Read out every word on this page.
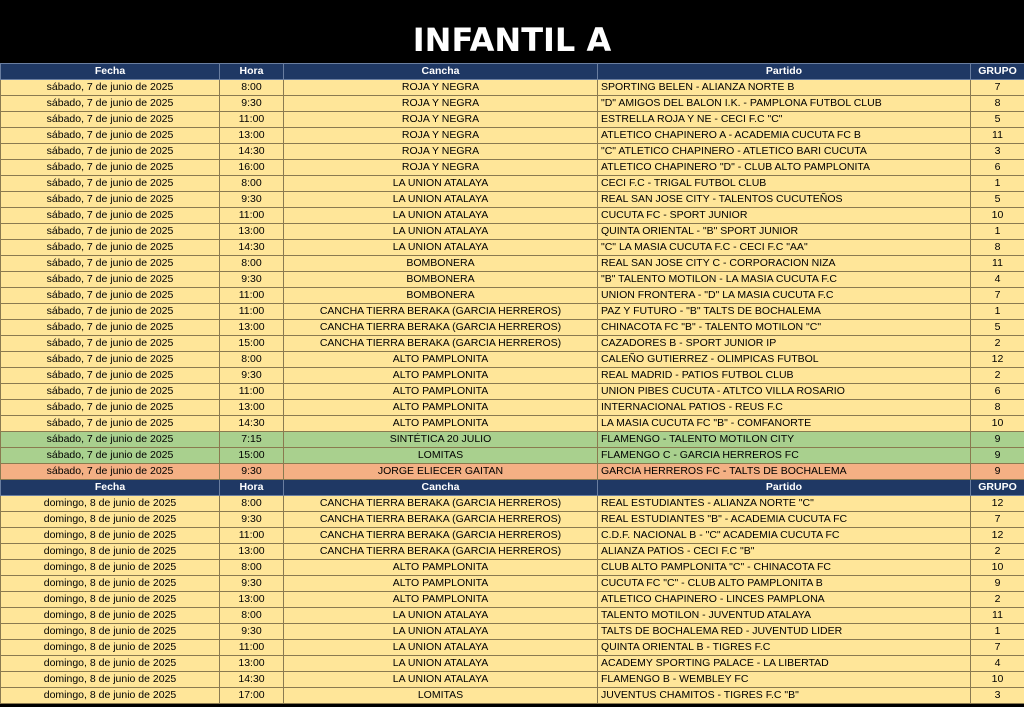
INFANTIL A
Fecha	Hora	Cancha	Partido	GRUPO
sábado, 7 de junio de 2025	8:00	ROJA Y NEGRA	SPORTING BELEN - ALIANZA NORTE B	7
sábado, 7 de junio de 2025	9:30	ROJA Y NEGRA	"D" AMIGOS DEL BALON I.K. - PAMPLONA FUTBOL CLUB	8
sábado, 7 de junio de 2025	11:00	ROJA Y NEGRA	ESTRELLA ROJA Y NE - CECI F.C "C"	5
sábado, 7 de junio de 2025	13:00	ROJA Y NEGRA	ATLETICO CHAPINERO A - ACADEMIA CUCUTA FC B	11
sábado, 7 de junio de 2025	14:30	ROJA Y NEGRA	"C" ATLETICO CHAPINERO - ATLETICO BARI CUCUTA	3
sábado, 7 de junio de 2025	16:00	ROJA Y NEGRA	ATLETICO CHAPINERO "D" - CLUB ALTO PAMPLONITA	6
sábado, 7 de junio de 2025	8:00	LA UNION ATALAYA	CECI F.C - TRIGAL FUTBOL CLUB	1
sábado, 7 de junio de 2025	9:30	LA UNION ATALAYA	REAL SAN JOSE CITY - TALENTOS CUCUTEÑOS	5
sábado, 7 de junio de 2025	11:00	LA UNION ATALAYA	CUCUTA FC - SPORT JUNIOR	10
sábado, 7 de junio de 2025	13:00	LA UNION ATALAYA	QUINTA ORIENTAL - "B" SPORT JUNIOR	1
sábado, 7 de junio de 2025	14:30	LA UNION ATALAYA	"C" LA MASIA CUCUTA F.C - CECI F.C "AA"	8
sábado, 7 de junio de 2025	8:00	BOMBONERA	REAL SAN JOSE CITY C - CORPORACION NIZA	11
sábado, 7 de junio de 2025	9:30	BOMBONERA	"B" TALENTO MOTILON - LA MASIA CUCUTA F.C	4
sábado, 7 de junio de 2025	11:00	BOMBONERA	UNION FRONTERA - "D" LA MASIA CUCUTA F.C	7
sábado, 7 de junio de 2025	11:00	CANCHA TIERRA BERAKA (GARCIA HERREROS)	PAZ Y FUTURO - "B" TALTS DE BOCHALEMA	1
sábado, 7 de junio de 2025	13:00	CANCHA TIERRA BERAKA (GARCIA HERREROS)	CHINACOTA FC "B" - TALENTO MOTILON "C"	5
sábado, 7 de junio de 2025	15:00	CANCHA TIERRA BERAKA (GARCIA HERREROS)	CAZADORES B - SPORT JUNIOR IP	2
sábado, 7 de junio de 2025	8:00	ALTO PAMPLONITA	CALEÑO GUTIERREZ - OLIMPICAS FUTBOL	12
sábado, 7 de junio de 2025	9:30	ALTO PAMPLONITA	REAL MADRID - PATIOS FUTBOL CLUB	2
sábado, 7 de junio de 2025	11:00	ALTO PAMPLONITA	UNION PIBES CUCUTA - ATLTCO VILLA ROSARIO	6
sábado, 7 de junio de 2025	13:00	ALTO PAMPLONITA	INTERNACIONAL PATIOS - REUS F.C	8
sábado, 7 de junio de 2025	14:30	ALTO PAMPLONITA	LA MASIA CUCUTA FC "B" - COMFANORTE	10
sábado, 7 de junio de 2025	7:15	SINTÉTICA 20 JULIO	FLAMENGO - TALENTO MOTILON CITY	9
sábado, 7 de junio de 2025	15:00	LOMITAS	FLAMENGO C - GARCIA HERREROS FC	9
sábado, 7 de junio de 2025	9:30	JORGE ELIECER GAITAN	GARCIA HERREROS FC - TALTS DE BOCHALEMA	9
Fecha	Hora	Cancha	Partido	GRUPO
domingo, 8 de junio de 2025	8:00	CANCHA TIERRA BERAKA (GARCIA HERREROS)	REAL ESTUDIANTES - ALIANZA NORTE "C"	12
domingo, 8 de junio de 2025	9:30	CANCHA TIERRA BERAKA (GARCIA HERREROS)	REAL ESTUDIANTES "B" - ACADEMIA CUCUTA FC	7
domingo, 8 de junio de 2025	11:00	CANCHA TIERRA BERAKA (GARCIA HERREROS)	C.D.F. NACIONAL B - "C" ACADEMIA CUCUTA FC	12
domingo, 8 de junio de 2025	13:00	CANCHA TIERRA BERAKA (GARCIA HERREROS)	ALIANZA PATIOS - CECI F.C "B"	2
domingo, 8 de junio de 2025	8:00	ALTO PAMPLONITA	CLUB ALTO PAMPLONITA "C" - CHINACOTA FC	10
domingo, 8 de junio de 2025	9:30	ALTO PAMPLONITA	CUCUTA FC "C" - CLUB ALTO PAMPLONITA B	9
domingo, 8 de junio de 2025	13:00	ALTO PAMPLONITA	ATLETICO CHAPINERO - LINCES PAMPLONA	2
domingo, 8 de junio de 2025	8:00	LA UNION ATALAYA	TALENTO MOTILON - JUVENTUD ATALAYA	11
domingo, 8 de junio de 2025	9:30	LA UNION ATALAYA	TALTS DE BOCHALEMA RED - JUVENTUD LIDER	1
domingo, 8 de junio de 2025	11:00	LA UNION ATALAYA	QUINTA ORIENTAL B - TIGRES F.C	7
domingo, 8 de junio de 2025	13:00	LA UNION ATALAYA	ACADEMY SPORTING PALACE - LA LIBERTAD	4
domingo, 8 de junio de 2025	14:30	LA UNION ATALAYA	FLAMENGO B - WEMBLEY FC	10
domingo, 8 de junio de 2025	17:00	LOMITAS	JUVENTUS CHAMITOS - TIGRES F.C "B"	3
